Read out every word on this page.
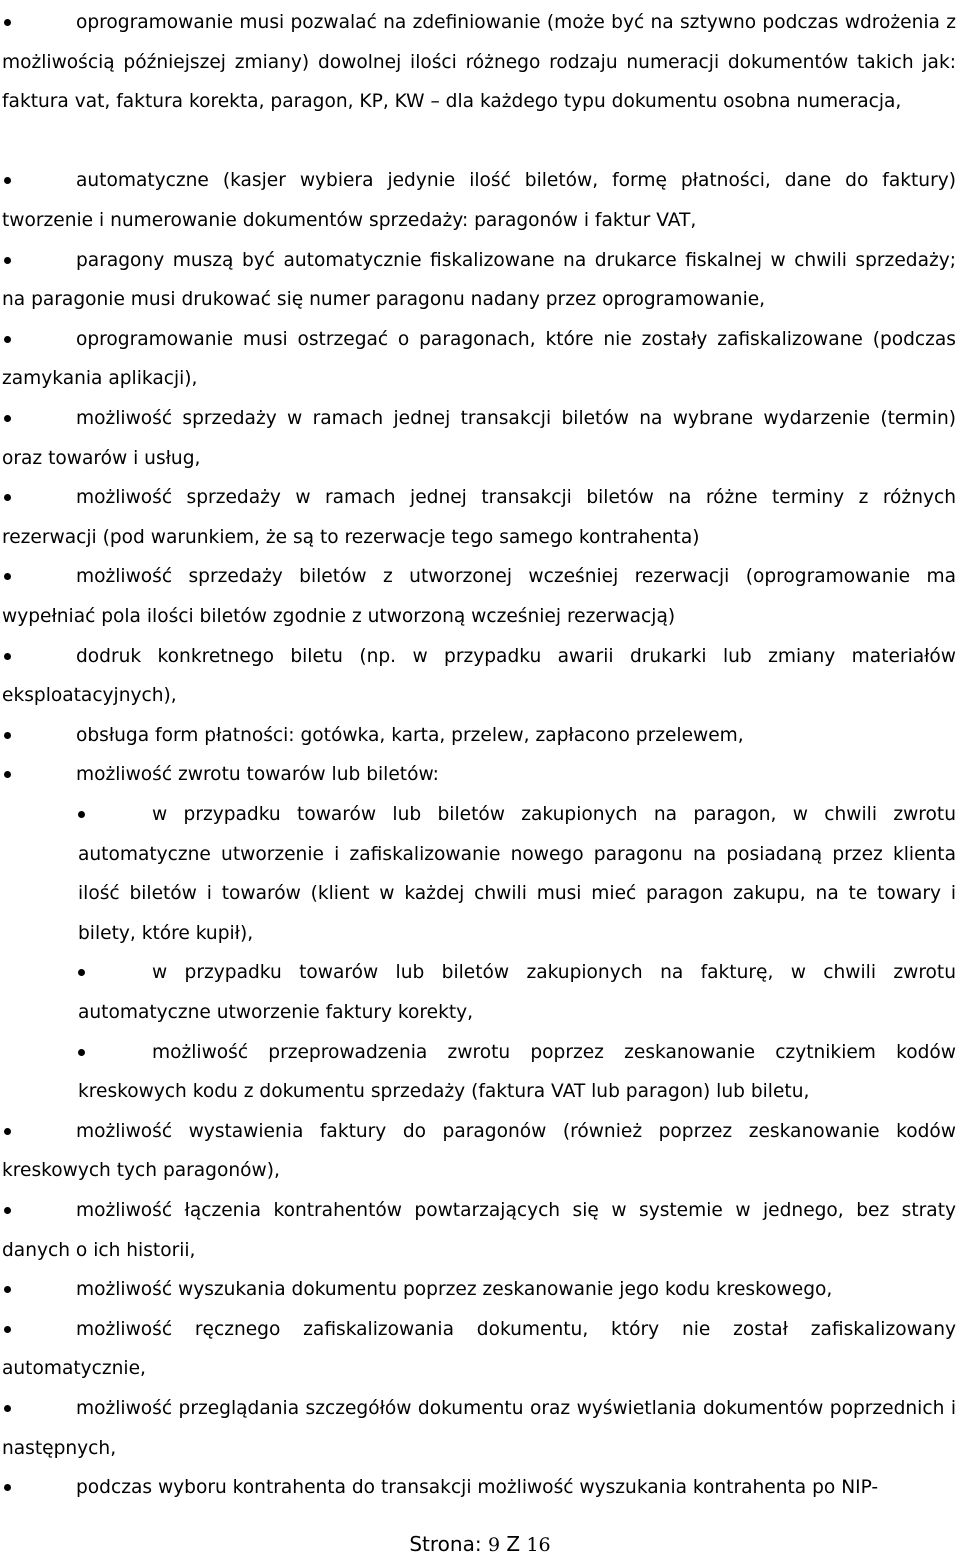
oprogramowanie musi pozwalać na zdefiniowanie (może być na sztywno podczas wdrożenia z możliwością późniejszej zmiany) dowolnej ilości różnego rodzaju numeracji dokumentów takich jak: faktura vat, faktura korekta, paragon, KP, KW – dla każdego typu dokumentu osobna numeracja,

automatyczne (kasjer wybiera jedynie ilość biletów, formę płatności, dane do faktury) tworzenie i numerowanie dokumentów sprzedaży: paragonów i faktur VAT,

paragony muszą być automatycznie fiskalizowane na drukarce fiskalnej w chwili sprzedaży; na paragonie musi drukować się numer paragonu nadany przez oprogramowanie,

oprogramowanie musi ostrzegać o paragonach, które nie zostały zafiskalizowane (podczas zamykania aplikacji),

możliwość sprzedaży w ramach jednej transakcji biletów na wybrane wydarzenie (termin) oraz towarów i usług,

możliwość sprzedaży w ramach jednej transakcji biletów na różne terminy z różnych rezerwacji (pod warunkiem, że są to rezerwacje tego samego kontrahenta)

możliwość sprzedaży biletów z utworzonej wcześniej rezerwacji (oprogramowanie ma wypełniać pola ilości biletów zgodnie z utworzoną wcześniej rezerwacją)

dodruk konkretnego biletu (np. w przypadku awarii drukarki lub zmiany materiałów eksploatacyjnych),

obsługa form płatności: gotówka, karta, przelew, zapłacono przelewem,

możliwość zwrotu towarów lub biletów:

w przypadku towarów lub biletów zakupionych na paragon, w chwili zwrotu automatyczne utworzenie i zafiskalizowanie nowego paragonu na posiadaną przez klienta ilość biletów i towarów (klient w każdej chwili musi mieć paragon zakupu, na te towary i bilety, które kupił),

w przypadku towarów lub biletów zakupionych na fakturę, w chwili zwrotu automatyczne utworzenie faktury korekty,

możliwość przeprowadzenia zwrotu poprzez zeskanowanie czytnikiem kodów kreskowych kodu z dokumentu sprzedaży (faktura VAT lub paragon) lub biletu,

możliwość wystawienia faktury do paragonów (również poprzez zeskanowanie kodów kreskowych tych paragonów),

możliwość łączenia kontrahentów powtarzających się w systemie w jednego, bez straty danych o ich historii,

możliwość wyszukania dokumentu poprzez zeskanowanie jego kodu kreskowego,

możliwość ręcznego zafiskalizowania dokumentu, który nie został zafiskalizowany automatycznie,

możliwość przeglądania szczegółów dokumentu oraz wyświetlania dokumentów poprzednich i następnych,

podczas wyboru kontrahenta do transakcji możliwość wyszukania kontrahenta po NIP-

Strona: 9 Z 16
